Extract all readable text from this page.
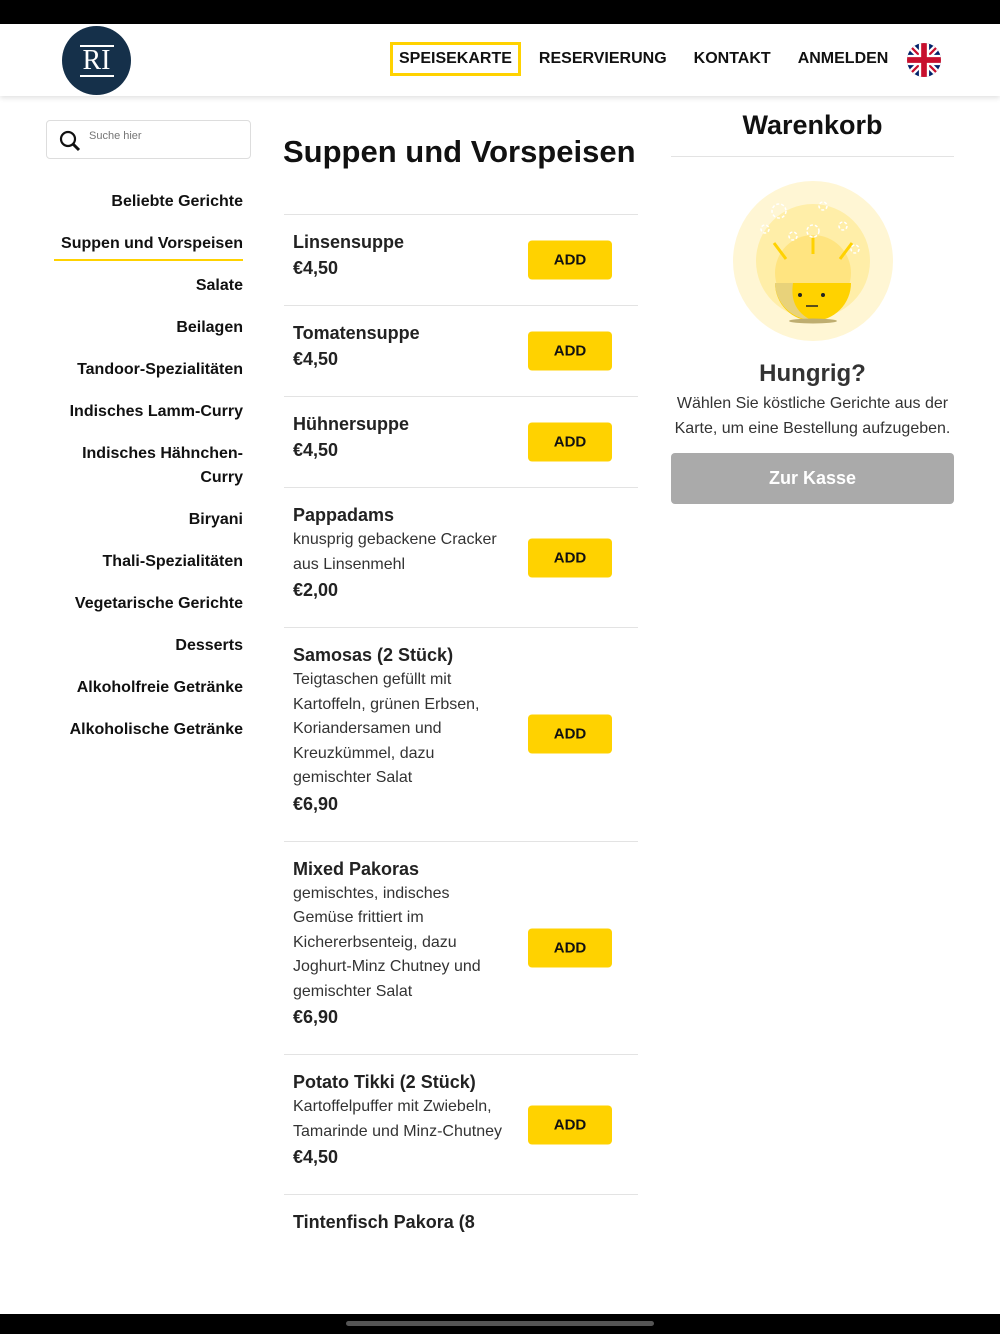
RI	SPEISEKARTE	RESERVIERUNG	KONTAKT	ANMELDEN
Suche hier
Beliebte Gerichte
Suppen und Vorspeisen
Salate
Beilagen
Tandoor-Spezialitäten
Indisches Lamm-Curry
Indisches Hähnchen-Curry
Biryani
Thali-Spezialitäten
Vegetarische Gerichte
Desserts
Alkoholfreie Getränke
Alkoholische Getränke
Suppen und Vorspeisen
Linsensuppe
€4,50	ADD
Tomatensuppe
€4,50	ADD
Hühnersuppe
€4,50	ADD
Pappadams
knusprig gebackene Cracker aus Linsenmehl
€2,00
ADD
Samosas (2 Stück)
Teigtaschen gefüllt mit Kartoffeln, grünen Erbsen, Koriandersamen und Kreuzkümmel, dazu gemischter Salat
€6,90
ADD
Mixed Pakoras
gemischtes, indisches Gemüse frittiert im Kichererbsenteig, dazu Joghurt-Minz Chutney und gemischter Salat
€6,90
ADD
Potato Tikki (2 Stück)
Kartoffelpuffer mit Zwiebeln, Tamarinde und Minz-Chutney
€4,50
ADD
Tintenfisch Pakora (8
Warenkorb
Hungrig?

Wählen Sie köstliche Gerichte aus der Karte, um eine Bestellung aufzugeben.

Zur Kasse
